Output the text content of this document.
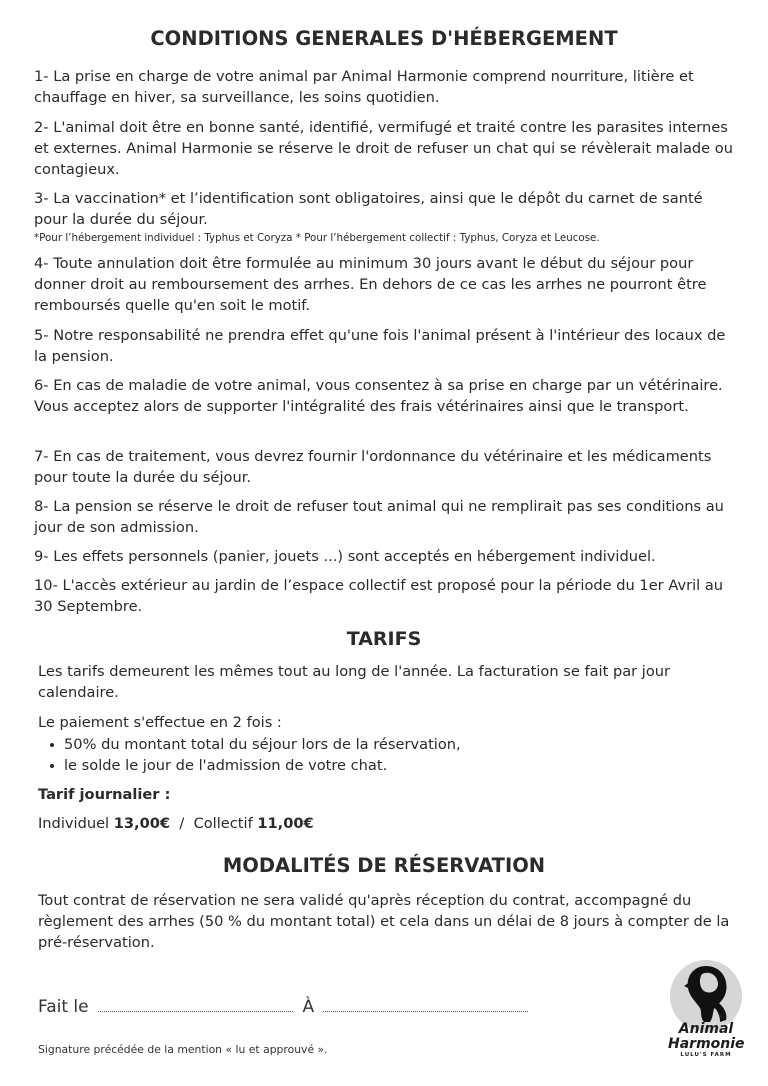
CONDITIONS GENERALES D'HÉBERGEMENT

1- La prise en charge de votre animal par Animal Harmonie comprend nourriture, litière et chauffage en hiver, sa surveillance, les soins quotidien.

2- L'animal doit être en bonne santé, identifié, vermifugé et traité contre les parasites internes et externes. Animal Harmonie se réserve le droit de refuser un chat qui se révèlerait malade ou contagieux.

3- La vaccination* et l’identification sont obligatoires, ainsi que le dépôt du carnet de santé pour la durée du séjour.

*Pour l’hébergement individuel : Typhus et Coryza * Pour l’hébergement collectif : Typhus, Coryza et Leucose.

4- Toute annulation doit être formulée au minimum 30 jours avant le début du séjour pour donner droit au remboursement des arrhes. En dehors de ce cas les arrhes ne pourront être remboursés quelle qu'en soit le motif.

5- Notre responsabilité ne prendra effet qu'une fois l'animal présent à l'intérieur des locaux de la pension.

6- En cas de maladie de votre animal, vous consentez à sa prise en charge par un vétérinaire. Vous acceptez alors de supporter l'intégralité des frais vétérinaires ainsi que le transport.

7- En cas de traitement, vous devrez fournir l'ordonnance du vétérinaire et les médicaments pour toute la durée du séjour.

8- La pension se réserve le droit de refuser tout animal qui ne remplirait pas ses conditions au jour de son admission.

9- Les effets personnels (panier, jouets ...) sont acceptés en hébergement individuel.

10- L'accès extérieur au jardin de l’espace collectif est proposé pour la période du 1er Avril au 30 Septembre.

TARIFS
Les tarifs demeurent les mêmes tout au long de l'année. La facturation se fait par jour calendaire.
Le paiement s'effectue en 2 fois :
50% du montant total du séjour lors de la réservation,
le solde le jour de l'admission de votre chat.
Tarif journalier :
Individuel 13,00€ / Collectif 11,00€
MODALITÉS DE RÉSERVATION
Tout contrat de réservation ne sera validé qu'après réception du contrat, accompagné du règlement des arrhes (50 % du montant total) et cela dans un délai de 8 jours à compter de la pré-réservation.
Fait le	À
Signature précédée de la mention « lu et approuvé ».
Animal
Harmonie
LULU'S FARM
